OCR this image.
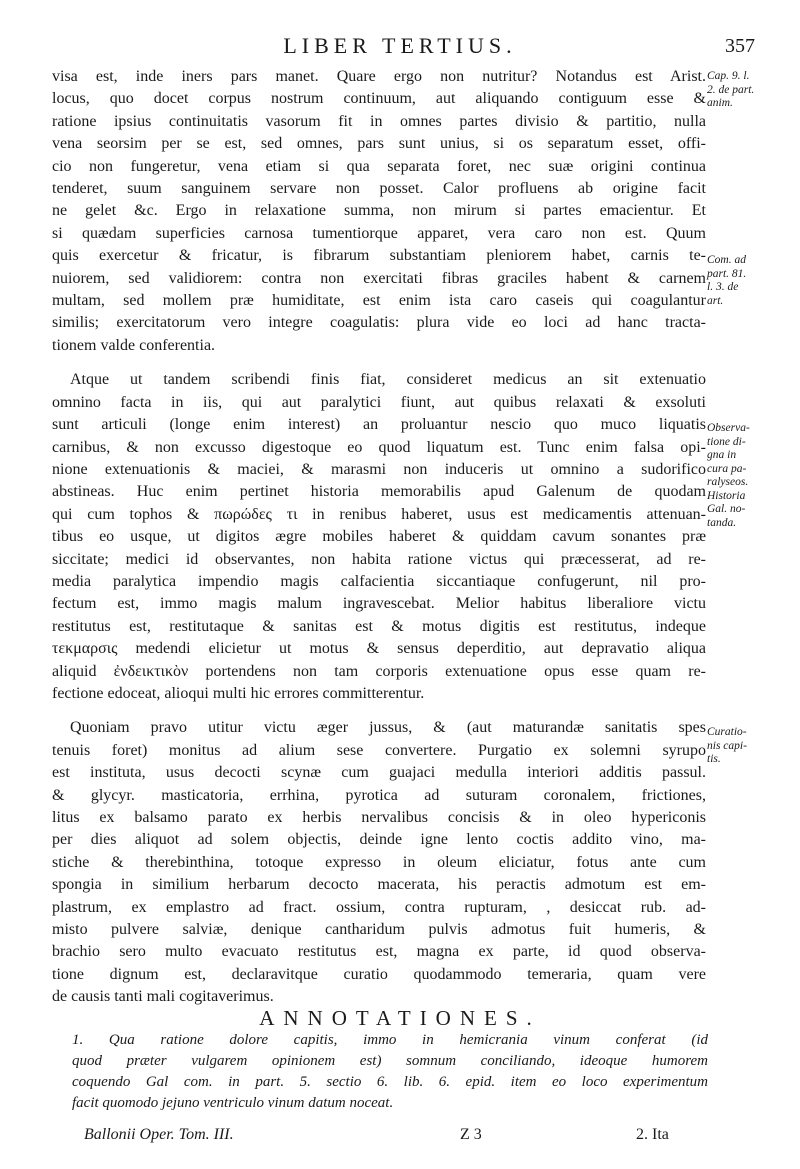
LIBER TERTIUS.	357

visa est, inde iners pars manet. Quare ergo non nutritur? Notandus est Arist.
locus, quo docet corpus nostrum continuum, aut aliquando contiguum esse &
ratione ipsius continuitatis vasorum fit in omnes partes divisio & partitio, nulla
vena seorsim per se est, sed omnes, pars sunt unius, si os separatum esset, offi-
cio non fungeretur, vena etiam si qua separata foret, nec suæ origini continua
tenderet, suum sanguinem servare non posset. Calor profluens ab origine facit
ne gelet &c. Ergo in relaxatione summa, non mirum si partes emacientur. Et
si quædam superficies carnosa tumentiorque apparet, vera caro non est. Quum
quis exercetur & fricatur, is fibrarum substantiam pleniorem habet, carnis te-
nuiorem, sed validiorem: contra non exercitati fibras graciles habent & carnem
multam, sed mollem præ humiditate, est enim ista caro caseis qui coagulantur
similis; exercitatorum vero integre coagulatis: plura vide eo loci ad hanc tracta-
tionem valde conferentia.

Atque ut tandem scribendi finis fiat, consideret medicus an sit extenuatio
omnino facta in iis, qui aut paralytici fiunt, aut quibus relaxati & exsoluti
sunt articuli (longe enim interest) an proluantur nescio quo muco liquatis
carnibus, & non excusso digestoque eo quod liquatum est. Tunc enim falsa opi-
nione extenuationis & maciei, & marasmi non induceris ut omnino a sudorifico
abstineas. Huc enim pertinet historia memorabilis apud Galenum de quodam
qui cum tophos & πωρώδες τι in renibus haberet, usus est medicamentis attenuan-
tibus eo usque, ut digitos ægre mobiles haberet & quiddam cavum sonantes præ
siccitate; medici id observantes, non habita ratione victus qui præcesserat, ad re-
media paralytica impendio magis calfacientia siccantiaque confugerunt, nil pro-
fectum est, immo magis malum ingravescebat. Melior habitus liberaliore victu
restitutus est, restitutaque & sanitas est & motus digitis est restitutus, indeque
τεκμαρσις medendi elicietur ut motus & sensus deperditio, aut depravatio aliqua
aliquid ἐνδεικτικὸν portendens non tam corporis extenuatione opus esse quam re-
fectione edoceat, alioqui multi hic errores committerentur.

Quoniam pravo utitur victu æger jussus, & (aut maturandæ sanitatis spes
tenuis foret) monitus ad alium sese convertere. Purgatio ex solemni syrupo
est instituta, usus decocti scynæ cum guajaci medulla interiori additis passul.
& glycyr. masticatoria, errhina, pyrotica ad suturam coronalem, frictiones,
litus ex balsamo parato ex herbis nervalibus concisis & in oleo hypericonis
per dies aliquot ad solem objectis, deinde igne lento coctis addito vino, ma-
stiche & therebinthina, totoque expresso in oleum eliciatur, fotus ante cum
spongia in similium herbarum decocto macerata, his peractis admotum est em-
plastrum, ex emplastro ad fract. ossium, contra rupturam, , desiccat rub. ad-
misto pulvere salviæ, denique cantharidum pulvis admotus fuit humeris, &
brachio sero multo evacuato restitutus est, magna ex parte, id quod observa-
tione dignum est, declaravitque curatio quodammodo temeraria, quam vere
de causis tanti mali cogitaverimus.

Cap. 9. l.
2. de part.
anim.
Com. ad
part. 81.
l. 3. de
art.
Observa-
tione di-
gna in
cura pa-
ralyseos.
Historia
Gal. no-
tanda.
Curatio-
nis capi-
tis.
ANNOTATIONES.
1. Qua ratione dolore capitis, immo in hemicrania vinum conferat (id
quod præter vulgarem opinionem est) somnum conciliando, ideoque humorem
coquendo Gal com. in part. 5. sectio 6. lib. 6. epid. item eo loco experimentum
facit quomodo jejuno ventriculo vinum datum noceat.
Ballonii Oper. Tom. III.	Z 3	2. Ita
